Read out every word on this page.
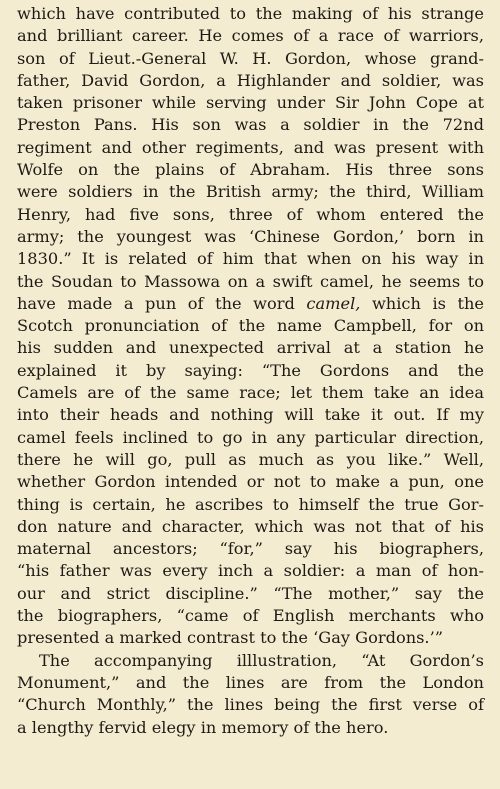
which have contributed to the making of his strange
and brilliant career. He comes of a race of warriors,
son of Lieut.-General W. H. Gordon, whose grand-
father, David Gordon, a Highlander and soldier, was
taken prisoner while serving under Sir John Cope at
Preston Pans. His son was a soldier in the 72nd
regiment and other regiments, and was present with
Wolfe on the plains of Abraham. His three sons
were soldiers in the British army; the third, William
Henry, had five sons, three of whom entered the
army; the youngest was ‘Chinese Gordon,’ born in
1830.” It is related of him that when on his way in
the Soudan to Massowa on a swift camel, he seems to
have made a pun of the word camel, which is the
Scotch pronunciation of the name Campbell, for on
his sudden and unexpected arrival at a station he
explained it by saying: “The Gordons and the
Camels are of the same race; let them take an idea
into their heads and nothing will take it out. If my
camel feels inclined to go in any particular direction,
there he will go, pull as much as you like.” Well,
whether Gordon intended or not to make a pun, one
thing is certain, he ascribes to himself the true Gor-
don nature and character, which was not that of his
maternal ancestors; “for,” say his biographers,
“his father was every inch a soldier: a man of hon-
our and strict discipline.” “The mother,” say the
the biographers, “came of English merchants who
presented a marked contrast to the ‘Gay Gordons.’”
The accompanying illlustration, “At Gordon’s
Monument,” and the lines are from the London
“Church Monthly,” the lines being the first verse of
a lengthy fervid elegy in memory of the hero.
